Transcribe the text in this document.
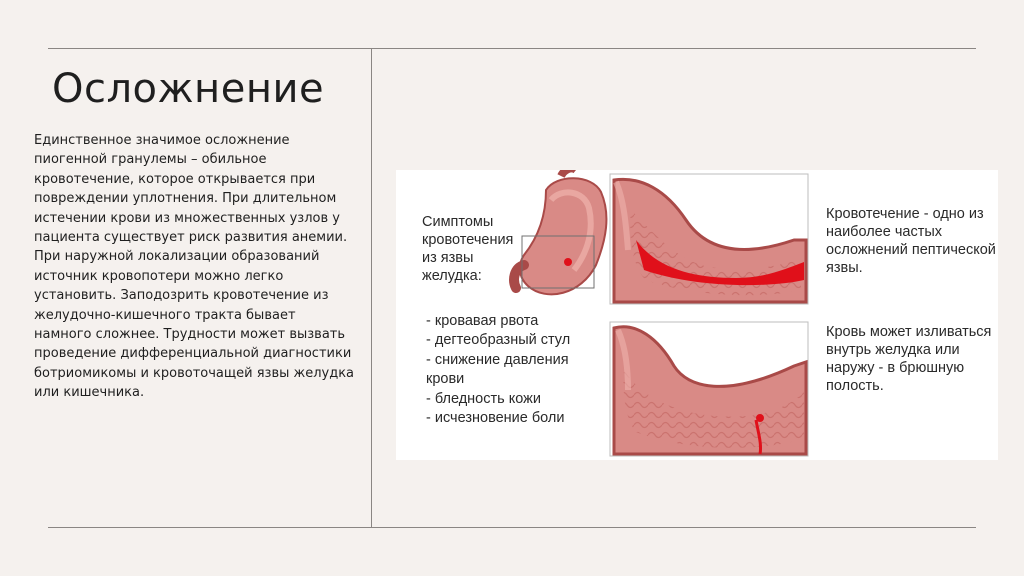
Осложнение
Единственное значимое осложнение пиогенной гранулемы – обильное кровотечение, которое открывается при повреждении уплотнения. При длительном истечении крови из множественных узлов у пациента существует риск развития анемии. При наружной локализации образований источник кровопотери можно легко установить. Заподозрить кровотечение из желудочно-кишечного тракта бывает намного сложнее. Трудности может вызвать проведение дифференциальной диагностики ботриомикомы и кровоточащей язвы желудка или кишечника.
Симптомы кровотечения из язвы желудка:
- кровавая рвота
- дегтеобразный стул
- снижение давления крови
- бледность кожи
- исчезновение боли
Кровотечение - одно из наиболее частых осложнений пептической язвы.
Кровь может изливаться внутрь желудка или наружу - в брюшную полость.
